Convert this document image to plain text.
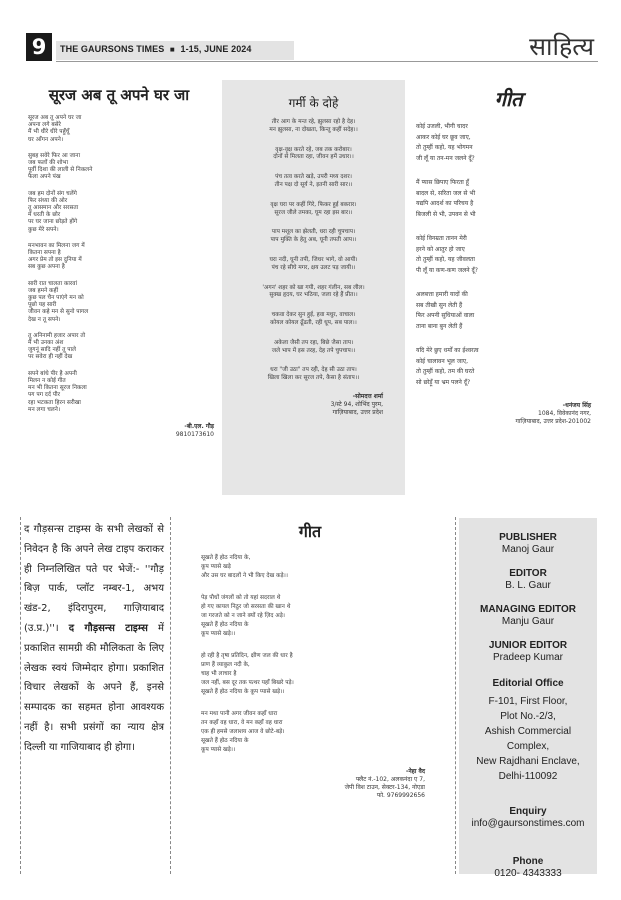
9	THE GAURSONS TIMES ■ 1-15, JUNE 2024	साहित्य
सूरज अब तू अपने घर जा
सूरज अब तू अपने घर जा
अपना लगे बसेरे
मैं भी धीरे धीरे पहुँचूँ
घर आँगन अपने।
सुबह सवेरे फिर आ जाना
जब फलों की शोभा
पूर्वी दिशा की लाली से निकलने
फैला अपने पंख
जब हम दोनों संग चलेंगे
फिर संध्या की ओर
तू आसमान और सरसता
में धरती के छोर
पर घर जाना छोड़ते होंगे
कुछ मेरे सपने।
मनभावन का मिलना जग में
कितना सपना है
अगर प्रेम तो इस दुनिया में
सब कुछ अपना है
सारी रात चालता कारवां
जब हमने कहीं
कुछ पल चैन पाएंगे मन को
पूछो यह सारी
जीवन कहे मन से सुनो पागल
देख न तू सपने।
तू अनिनामी हजार अपार तो
मैं भी उनका अंश
जुगनूं सादि नहीं तू पाले
पर सवेरा ही नहीं देख
सपने बांधे पीर है अपनी
मिलन न कोई गीत
मन भी कितना सूरज निकला
पग पग दर्द पीर
रहा भटकता हिरन सरीखा
मन लगा चलने।
-बी.एल. गौड़
9810173610
गर्मी के दोहे
तीर आग के मन्त रहे, झुलसा रहो है देह।
मन झुलसा, ना दोखता, किन्तु कहीं सदेह।।
वृक्ष-वृक्ष करते रहे, जब तक करोबार।
दोनों से मिलता रहा, जीवन हमें उधार।।
पंच तत्व करते खड़े, उपरी मध्य दशर।
तीन पक्ष दो सूर्य ने, इतनी सारी सार।।
वृक्ष घरा पर कहीं गिरे, फिकर हुई बकरार।
सूरज जीले तमका, घूम रहा इस बार।।
पाप मशूल का झेलती, धरा रही चुपचाप।
पाप मुक्ति के हेतु अब, घूनी तपती आप।।
घरा नदी, घूनी तपी, जिधर भागे, वो आयी।
पंच रहे सीघे मगर, क्षय उलट पड़ जायी।।
'अगन' शहर को खा गयी, शहर गंलीन, सब लील।
सुक्ख हृदय, घर भठिया, जला रहे हैं प्रीत।।
चकवा देकर सुन हुई, हवा मधुर, वाचाल।
कोयल कोयल ढूँढती, रही धूप, सब पाल।।
अकेला जैसी तप रहा, बिछे जैसा ताप।
जले भाप में इस तरह, देह तपे चुपचाप।।
धरा "जी उठा" तप रही, देह सी उठा ताप।
खिला खिला कर सूरज तपे, कैसा है संताप।।
-सोमदत्त शर्मा
3/स्टे 94, शोभिंद पुरम,
गाज़ियाबाद, उत्तर प्रदेश
गीत
कोई उजली, भीगी चादर
आकर कोई घर छूव जाए,
तो तुम्हीं कहो, यह भोगमन
जी लूँ या तन-मन जलने दूँ?
मैं प्यास छिपाए फिरता हूँ
बादल से, सरिता जल से भी
यद्यपि आदर्श का परिचय है
बिजली से भी, उपवन से भी
कोई विनम्रता तानन मेरी
हरने को आतुर हो जाए
तो तुम्हीं कहो, यह जीवलता
पी लूँ या कण-कण जलने दूँ?
अलबत्ता हमारी यादों की
सब तीखी सुन लेती हैं
फिर अपनी सुधियाओं वाला
ताना बाना बुन लेती हैं
यदि मेरे छुए धर्मों का ईश्वरत्व
कोई चालावन भूल जाए,
तो तुम्हीं कहो, तम की घरते
सो छोड़ूँ या भ्रम पलने दूँ?
-धनंजय सिंह
1084, विवेकानंद नगर,
गाज़ियाबाद, उत्तर प्रदेश-201002
द गौड़सन्स टाइम्स के सभी लेखकों से निवेदन है कि अपने लेख टाइप कराकर ही निम्नलिखित पते पर भेजें:- ''गौड़ बिज़ पार्क, प्लॉट नम्बर-1, अभय खंड-2, इंदिरापुरम, गाज़ियाबाद (उ.प्र.)''। द गौड़सन्स टाइम्स में प्रकाशित सामग्री की मौलिकता के लिए लेखक स्वयं जिम्मेदार होगा। प्रकाशित विचार लेखकों के अपने हैं, इनसे सम्पादक का सहमत होना आवश्यक नहीं है। सभी प्रसंगों का न्याय क्षेत्र दिल्ली या गाजियाबाद ही होगा।
गीत
सूखते हैं होठ नदिया के,
कूप प्यासे खड़े
और उस घर बादलों ने भी किए देख कड़े।।
पेड़ पौधों जंगलों को तो यहां सदराल थे
हो गए कायल निठुर जो सरसता की खान थे
जा गरजते को न जाने क्यों रहे ज़िद अड़े।
सूखते हैं होठ नदिया के
कूप प्यासे खड़े।।
हो रही है तृषा प्रतिदिन, क्षीण जल की धार है
प्राण हैं व्याकुल नदी के,
चाह भी लाचार है
जल नहीं, बस दूर तक पत्थर यहाँ बिखरे पड़े।
सूखते हैं होठ नदिया के कूप प्यासे खड़े।।
मन मथा पानी अगर जीवन कहाँ धारा
तन कहाँ वह धारा, वे मन कहाँ वह धारा
एक ही हमसे जलाशय आज वे छोटे-बड़े।
सूखते हैं होठ नदिया के
कूप प्यासे खड़े।।
-नेहा वैद
फ्लैट नं.-102, अलकनंदा ए 7,
जेपी विश टाउन, सेक्टर-134, नोएडा
फो. 9769992656
PUBLISHER
Manoj Gaur
EDITOR
B. L. Gaur
MANAGING EDITOR
Manju Gaur
JUNIOR EDITOR
Pradeep Kumar
Editorial Office
F-101, First Floor,
Plot No.-2/3,
Ashish Commercial
Complex,
New Rajdhani Enclave,
Delhi-110092
Enquiry
info@gaursonstimes.com
Phone
0120- 4343333
